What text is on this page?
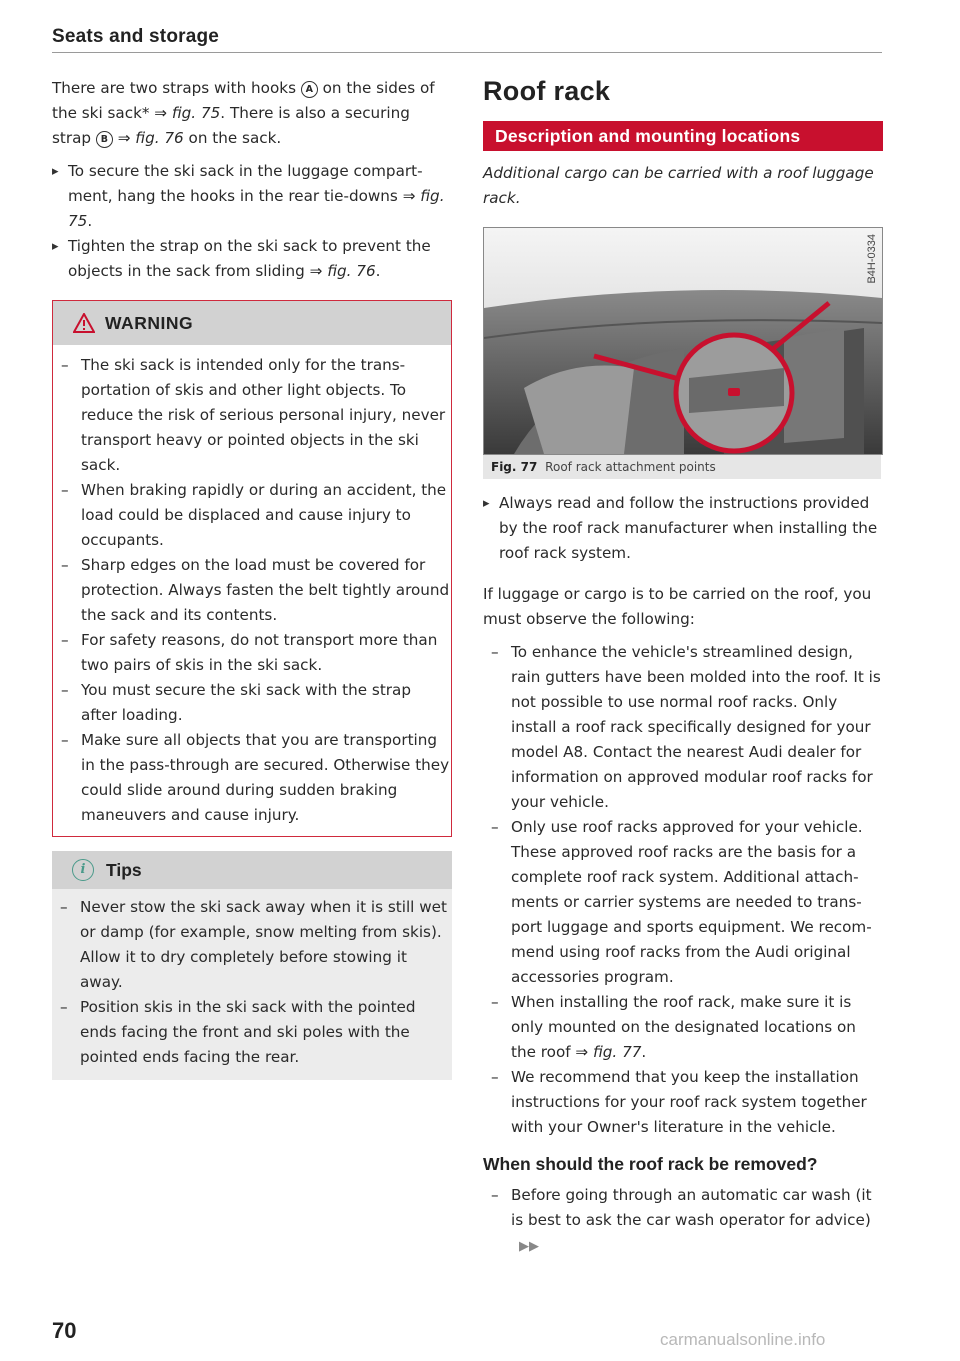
Seats and storage

There are two straps with hooks A on the sides of the ski sack* ⇒ fig. 75. There is also a securing strap B ⇒ fig. 76 on the sack.

▸ To secure the ski sack in the luggage compartment, hang the hooks in the rear tie-downs ⇒ fig. 75.

▸ Tighten the strap on the ski sack to prevent the objects in the sack from sliding ⇒ fig. 76.

WARNING

– The ski sack is intended only for the transportation of skis and other light objects. To reduce the risk of serious personal injury, never transport heavy or pointed objects in the ski sack.

– When braking rapidly or during an accident, the load could be displaced and cause injury to occupants.

– Sharp edges on the load must be covered for protection. Always fasten the belt tightly around the sack and its contents.

– For safety reasons, do not transport more than two pairs of skis in the ski sack.

– You must secure the ski sack with the strap after loading.

– Make sure all objects that you are transporting in the pass-through are secured. Otherwise they could slide around during sudden braking maneuvers and cause injury.

i	Tips

– Never stow the ski sack away when it is still wet or damp (for example, snow melting from skis). Allow it to dry completely before stowing it away.

– Position skis in the ski sack with the pointed ends facing the front and ski poles with the pointed ends facing the rear.

Roof rack
Description and mounting locations

Additional cargo can be carried with a roof luggage rack.

B4H-0334
Fig. 77 Roof rack attachment points

▸ Always read and follow the instructions provided by the roof rack manufacturer when installing the roof rack system.

If luggage or cargo is to be carried on the roof, you must observe the following:

– To enhance the vehicle's streamlined design, rain gutters have been molded into the roof. It is not possible to use normal roof racks. Only install a roof rack specifically designed for your model A8. Contact the nearest Audi dealer for information on approved modular roof racks for your vehicle.

– Only use roof racks approved for your vehicle. These approved roof racks are the basis for a complete roof rack system. Additional attachments or carrier systems are needed to transport luggage and sports equipment. We recommend using roof racks from the Audi original accessories program.

– When installing the roof rack, make sure it is only mounted on the designated locations on the roof ⇒ fig. 77.

– We recommend that you keep the installation instructions for your roof rack system together with your Owner's literature in the vehicle.

When should the roof rack be removed?

– Before going through an automatic car wash (it is best to ask the car wash operator for advice) ▶▶

70	carmanualsonline.info
